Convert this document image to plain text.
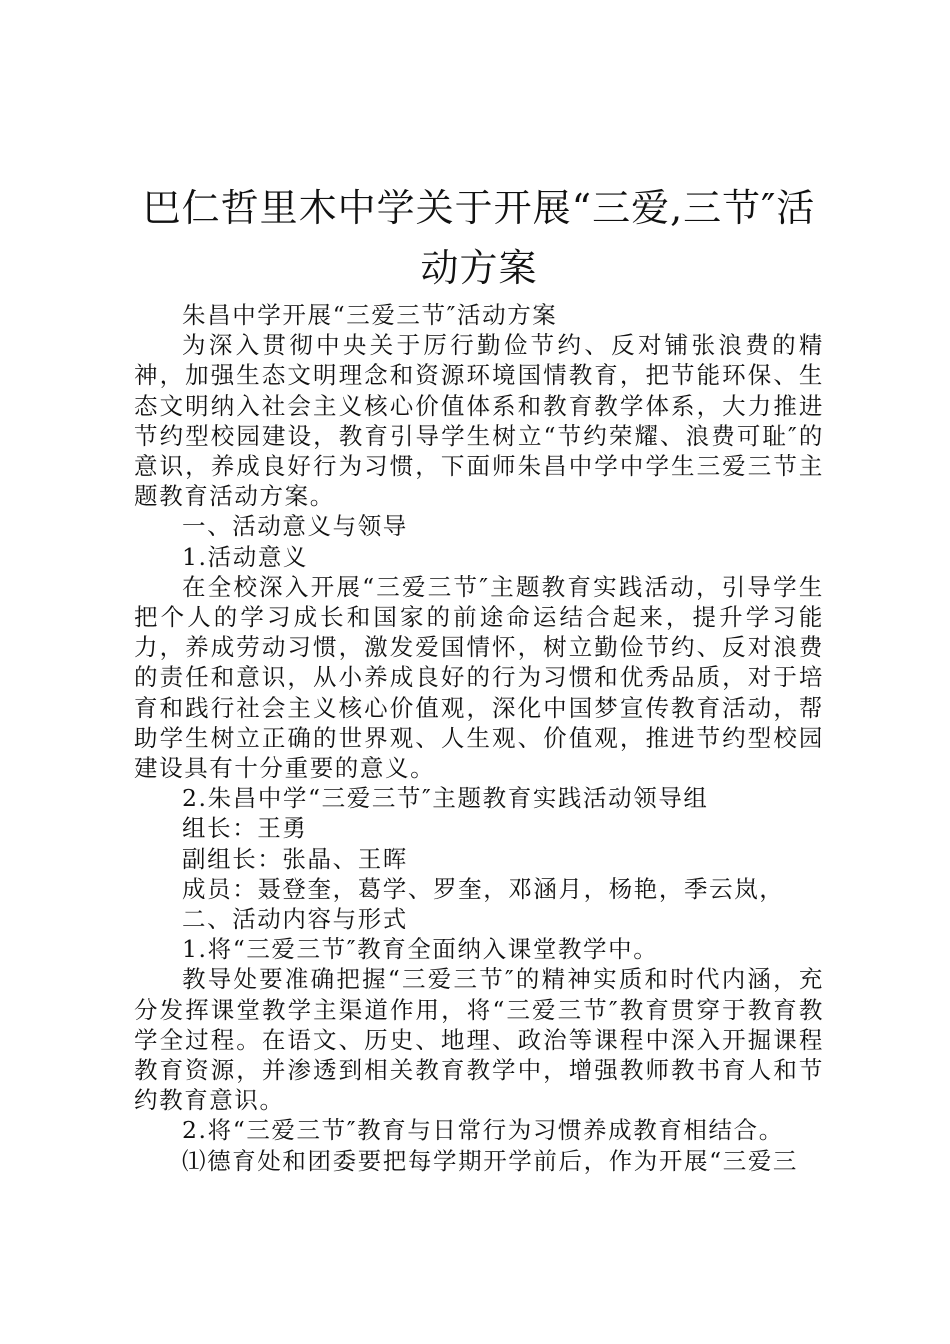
巴仁哲里木中学关于开展“三爱,三节″活动方案

朱昌中学开展“三爱三节″活动方案

为深入贯彻中央关于厉行勤俭节约、反对铺张浪费的精神，加强生态文明理念和资源环境国情教育，把节能环保、生态文明纳入社会主义核心价值体系和教育教学体系，大力推进节约型校园建设，教育引导学生树立“节约荣耀、浪费可耻″的意识，养成良好行为习惯，下面师朱昌中学中学生三爱三节主题教育活动方案。

一、活动意义与领导

1.活动意义

在全校深入开展“三爱三节″主题教育实践活动，引导学生把个人的学习成长和国家的前途命运结合起来，提升学习能力，养成劳动习惯，激发爱国情怀，树立勤俭节约、反对浪费的责任和意识，从小养成良好的行为习惯和优秀品质，对于培育和践行社会主义核心价值观，深化中国梦宣传教育活动，帮助学生树立正确的世界观、人生观、价值观，推进节约型校园建设具有十分重要的意义。

2.朱昌中学“三爱三节″主题教育实践活动领导组

组长：王勇

副组长：张晶、王晖

成员：聂登奎，葛学、罗奎，邓涵月，杨艳，季云岚，

二、活动内容与形式

1.将“三爱三节″教育全面纳入课堂教学中。

教导处要准确把握“三爱三节″的精神实质和时代内涵，充分发挥课堂教学主渠道作用，将“三爱三节″教育贯穿于教育教学全过程。在语文、历史、地理、政治等课程中深入开掘课程教育资源，并渗透到相关教育教学中，增强教师教书育人和节约教育意识。

2.将“三爱三节″教育与日常行为习惯养成教育相结合。

⑴德育处和团委要把每学期开学前后，作为开展“三爱三
